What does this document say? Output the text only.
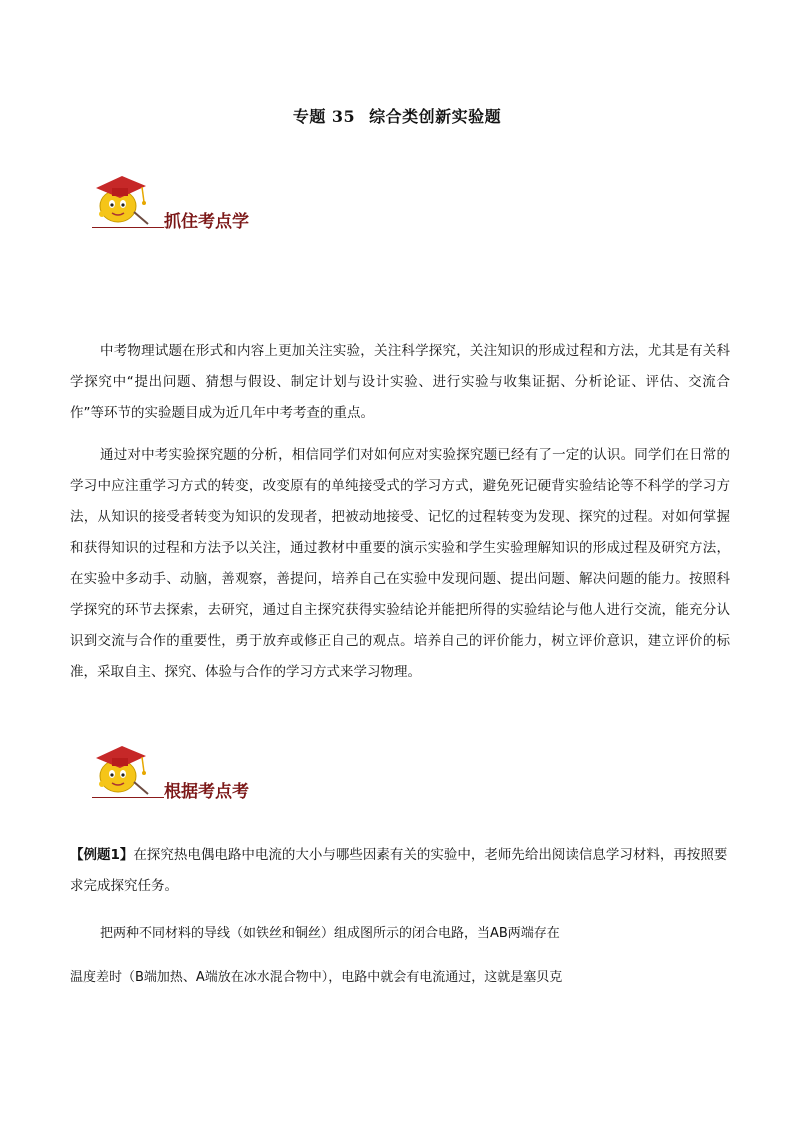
专题 35 综合类创新实验题
抓住考点学

中考物理试题在形式和内容上更加关注实验，关注科学探究，关注知识的形成过程和方法，尤其是有关科学探究中“提出问题、猜想与假设、制定计划与设计实验、进行实验与收集证据、分析论证、评估、交流合作”等环节的实验题目成为近几年中考考查的重点。

通过对中考实验探究题的分析，相信同学们对如何应对实验探究题已经有了一定的认识。同学们在日常的学习中应注重学习方式的转变，改变原有的单纯接受式的学习方式，避免死记硬背实验结论等不科学的学习方法，从知识的接受者转变为知识的发现者，把被动地接受、记忆的过程转变为发现、探究的过程。对如何掌握和获得知识的过程和方法予以关注，通过教材中重要的演示实验和学生实验理解知识的形成过程及研究方法，在实验中多动手、动脑，善观察，善提问，培养自己在实验中发现问题、提出问题、解决问题的能力。按照科学探究的环节去探索，去研究，通过自主探究获得实验结论并能把所得的实验结论与他人进行交流，能充分认识到交流与合作的重要性，勇于放弃或修正自己的观点。培养自己的评价能力，树立评价意识，建立评价的标准，采取自主、探究、体验与合作的学习方式来学习物理。

根据考点考

【例题1】在探究热电偶电路中电流的大小与哪些因素有关的实验中，老师先给出阅读信息学习材料，再按照要求完成探究任务。

把两种不同材料的导线（如铁丝和铜丝）组成图所示的闭合电路，当AB两端存在

温度差时（B端加热、A端放在冰水混合物中），电路中就会有电流通过，这就是塞贝克
